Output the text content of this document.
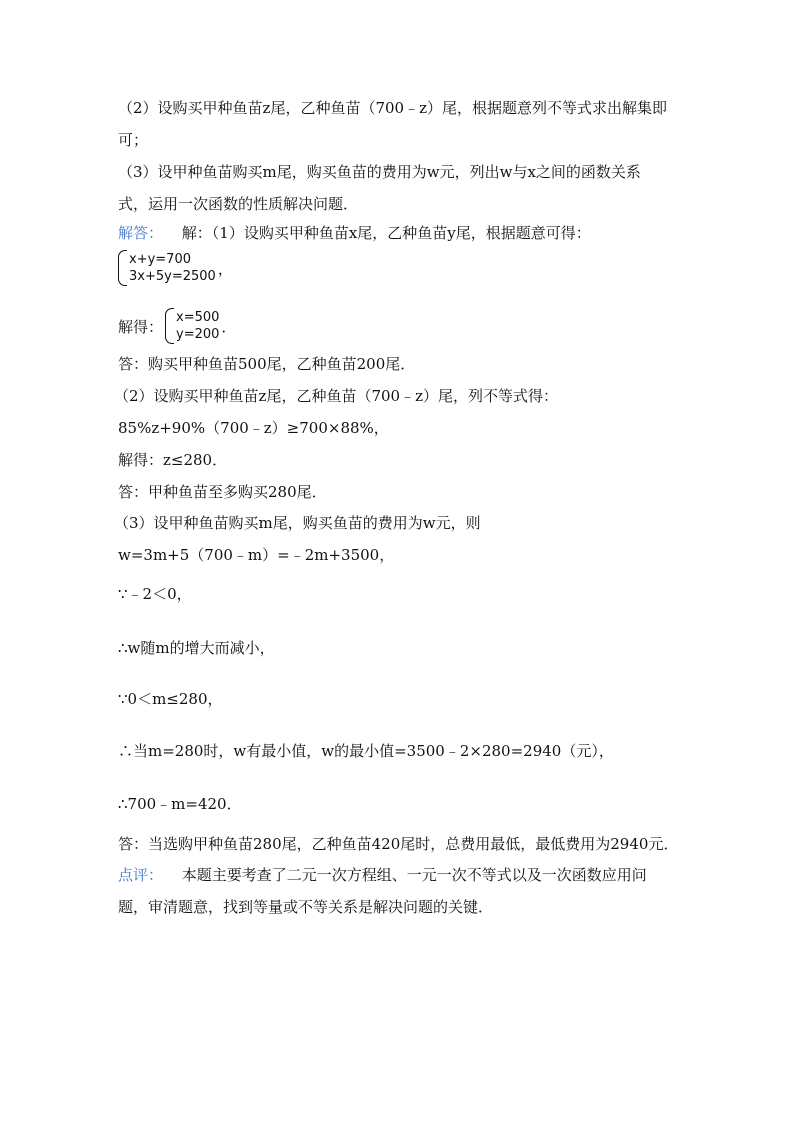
（2）设购买甲种鱼苗z尾，乙种鱼苗（700﹣z）尾，根据题意列不等式求出解集即
可；
（3）设甲种鱼苗购买m尾，购买鱼苗的费用为w元，列出w与x之间的函数关系
式，运用一次函数的性质解决问题．
解答： 解：（1）设购买甲种鱼苗x尾，乙种鱼苗y尾，根据题意可得：
x+y=700
3x+5y=2500 ，
解得： x=500
y=200 ．
答：购买甲种鱼苗500尾，乙种鱼苗200尾．
（2）设购买甲种鱼苗z尾，乙种鱼苗（700﹣z）尾，列不等式得：
85%z+90%（700﹣z）≥700×88%，
解得：z≤280．
答：甲种鱼苗至多购买280尾．
（3）设甲种鱼苗购买m尾，购买鱼苗的费用为w元，则
w=3m+5（700﹣m）=﹣2m+3500，
∵﹣2＜0，
∴w随m的增大而减小，
∵0＜m≤280，
∴当m=280时，w有最小值，w的最小值=3500﹣2×280=2940（元），
∴700﹣m=420．
答：当选购甲种鱼苗280尾，乙种鱼苗420尾时，总费用最低，最低费用为2940元．
点评： 本题主要考查了二元一次方程组、一元一次不等式以及一次函数应用问
题，审清题意，找到等量或不等关系是解决问题的关键．
